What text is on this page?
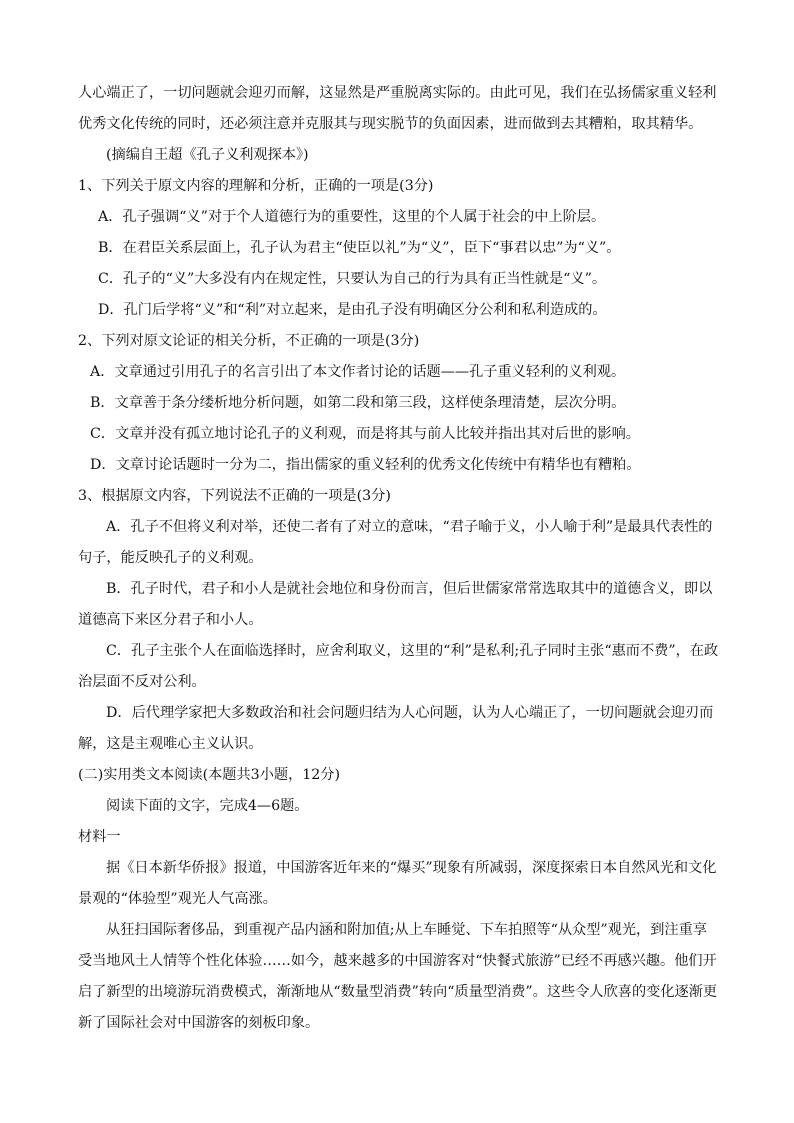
人心端正了，一切问题就会迎刃而解，这显然是严重脱离实际的。由此可见，我们在弘扬儒家重义轻利优秀文化传统的同时，还必须注意并克服其与现实脱节的负面因素，进而做到去其糟粕，取其精华。

(摘编自王超《孔子义利观探本》)

1、下列关于原文内容的理解和分析，正确的一项是(3分)

A．孔子强调“义”对于个人道德行为的重要性，这里的个人属于社会的中上阶层。

B．在君臣关系层面上，孔子认为君主“使臣以礼”为“义”，臣下“事君以忠”为“义”。

C．孔子的“义”大多没有内在规定性，只要认为自己的行为具有正当性就是“义”。

D．孔门后学将“义”和“利”对立起来，是由孔子没有明确区分公利和私利造成的。

2、下列对原文论证的相关分析，不正确的一项是(3分)

A．文章通过引用孔子的名言引出了本文作者讨论的话题——孔子重义轻利的义利观。

B．文章善于条分缕析地分析问题，如第二段和第三段，这样使条理清楚，层次分明。

C．文章并没有孤立地讨论孔子的义利观，而是将其与前人比较并指出其对后世的影响。

D．文章讨论话题时一分为二，指出儒家的重义轻利的优秀文化传统中有精华也有糟粕。

3、根据原文内容，下列说法不正确的一项是(3分)

A．孔子不但将义利对举，还使二者有了对立的意味，“君子喻于义，小人喻于利”是最具代表性的句子，能反映孔子的义利观。

B．孔子时代，君子和小人是就社会地位和身份而言，但后世儒家常常选取其中的道德含义，即以道德高下来区分君子和小人。

C．孔子主张个人在面临选择时，应舍利取义，这里的“利”是私利;孔子同时主张“惠而不费”，在政治层面不反对公利。

D．后代理学家把大多数政治和社会问题归结为人心问题，认为人心端正了，一切问题就会迎刃而解，这是主观唯心主义认识。

(二)实用类文本阅读(本题共3小题，12分)

阅读下面的文字，完成4—6题。

材料一

据《日本新华侨报》报道，中国游客近年来的“爆买”现象有所减弱，深度探索日本自然风光和文化景观的“体验型”观光人气高涨。

从狂扫国际奢侈品，到重视产品内涵和附加值;从上车睡觉、下车拍照等“从众型”观光，到注重享受当地风土人情等个性化体验……如今，越来越多的中国游客对“快餐式旅游”已经不再感兴趣。他们开启了新型的出境游玩消费模式，渐渐地从“数量型消费”转向“质量型消费”。这些令人欣喜的变化逐渐更新了国际社会对中国游客的刻板印象。
